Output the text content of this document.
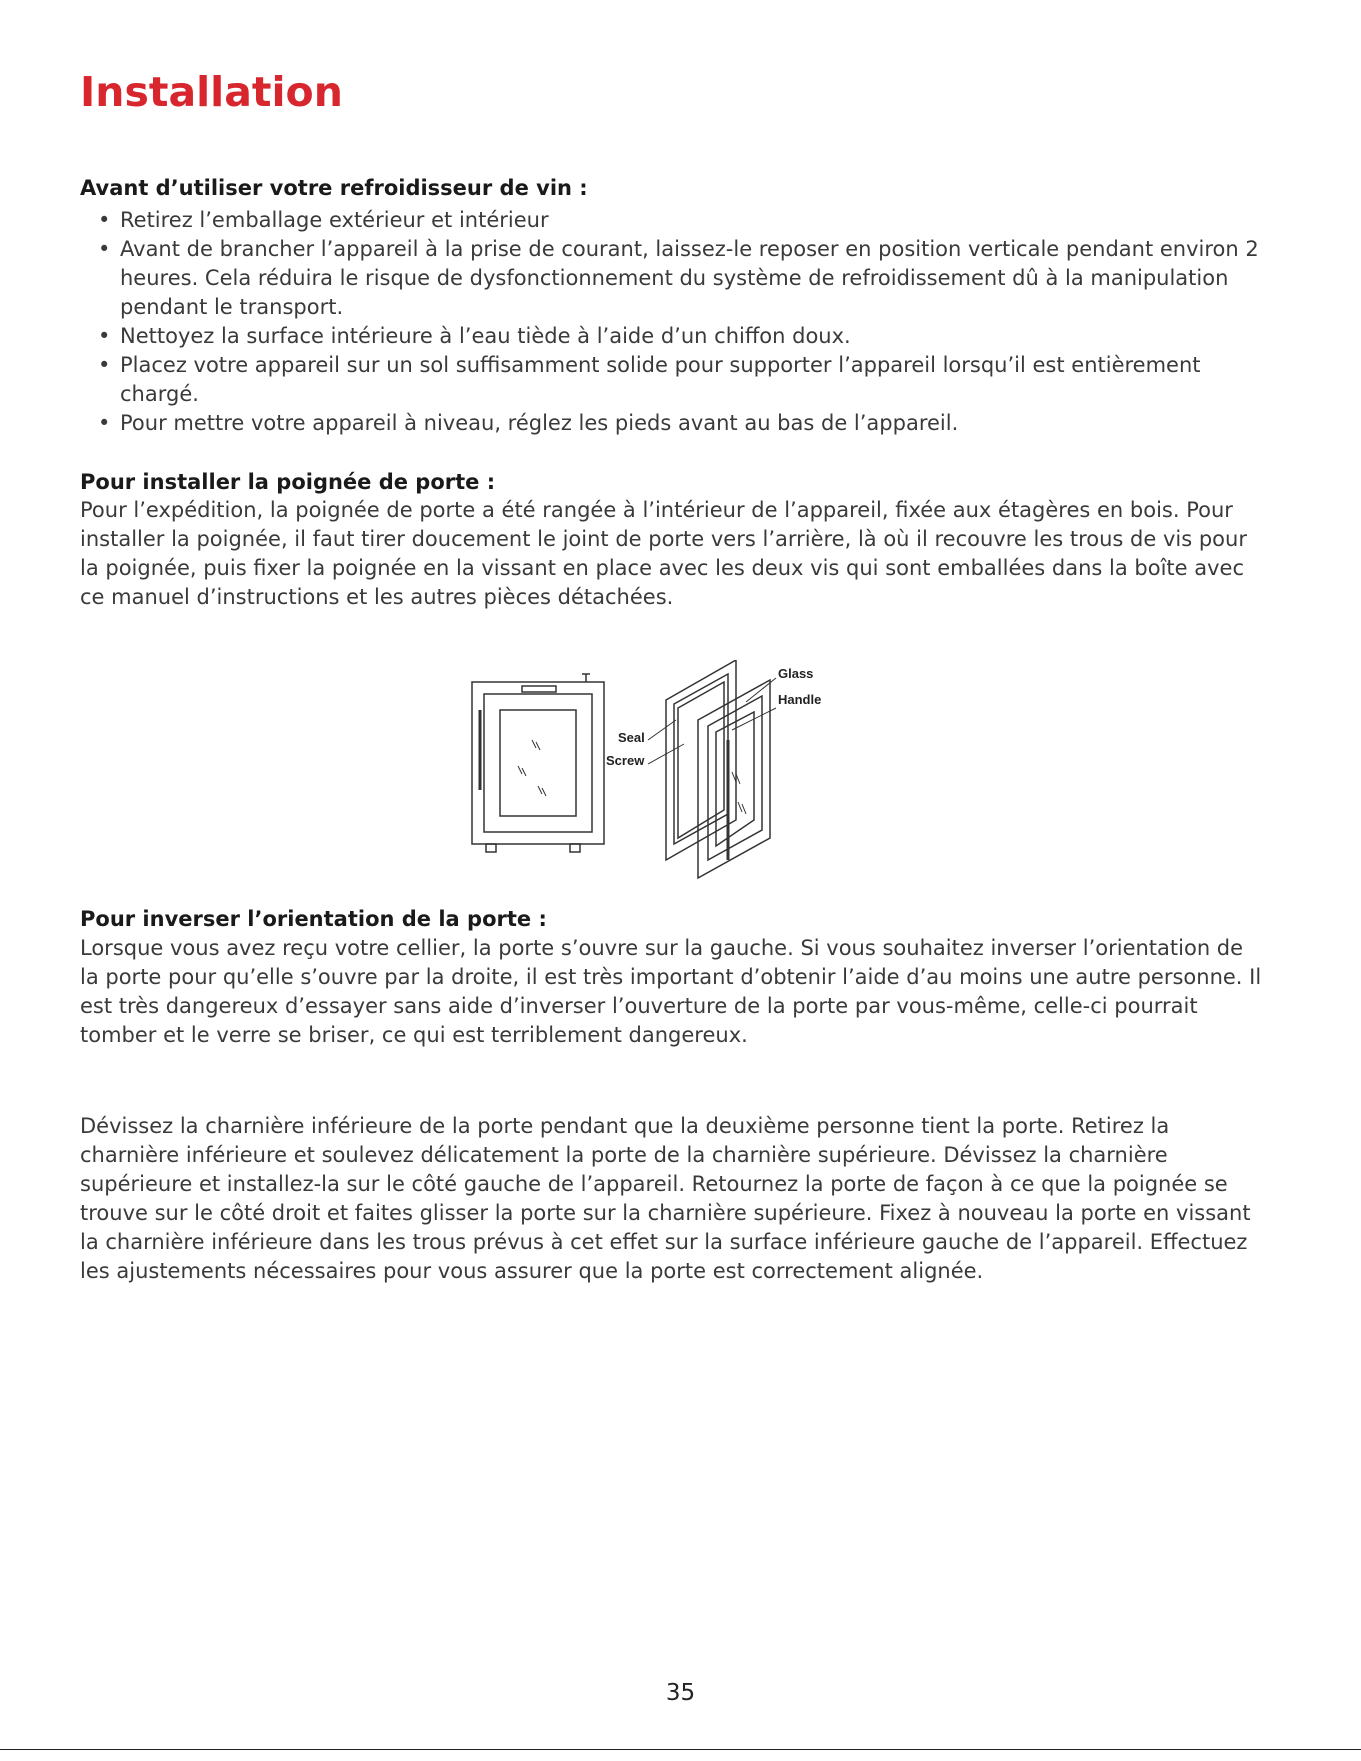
Installation
Avant d’utiliser votre refroidisseur de vin :
• Retirez l’emballage extérieur et intérieur
• Avant de brancher l’appareil à la prise de courant, laissez-le reposer en position verticale pendant environ 2 heures. Cela réduira le risque de dysfonctionnement du système de refroidissement dû à la manipulation pendant le transport.
• Nettoyez la surface intérieure à l’eau tiède à l’aide d’un chiffon doux.
• Placez votre appareil sur un sol suffisamment solide pour supporter l’appareil lorsqu’il est entièrement chargé.
• Pour mettre votre appareil à niveau, réglez les pieds avant au bas de l’appareil.
Pour installer la poignée de porte :

Pour l’expédition, la poignée de porte a été rangée à l’intérieur de l’appareil, fixée aux étagères en bois. Pour installer la poignée, il faut tirer doucement le joint de porte vers l’arrière, là où il recouvre les trous de vis pour la poignée, puis fixer la poignée en la vissant en place avec les deux vis qui sont emballées dans la boîte avec ce manuel d’instructions et les autres pièces détachées.

Seal
Screw
Glass
Handle
Pour inverser l’orientation de la porte :

Lorsque vous avez reçu votre cellier, la porte s’ouvre sur la gauche. Si vous souhaitez inverser l’orientation de la porte pour qu’elle s’ouvre par la droite, il est très important d’obtenir l’aide d’au moins une autre personne. Il est très dangereux d’essayer sans aide d’inverser l’ouverture de la porte par vous-même, celle-ci pourrait tomber et le verre se briser, ce qui est terriblement dangereux.

Dévissez la charnière inférieure de la porte pendant que la deuxième personne tient la porte. Retirez la charnière inférieure et soulevez délicatement la porte de la charnière supérieure. Dévissez la charnière supérieure et installez-la sur le côté gauche de l’appareil. Retournez la porte de façon à ce que la poignée se trouve sur le côté droit et faites glisser la porte sur la charnière supérieure. Fixez à nouveau la porte en vissant la charnière inférieure dans les trous prévus à cet effet sur la surface inférieure gauche de l’appareil. Effectuez les ajustements nécessaires pour vous assurer que la porte est correctement alignée.

35
